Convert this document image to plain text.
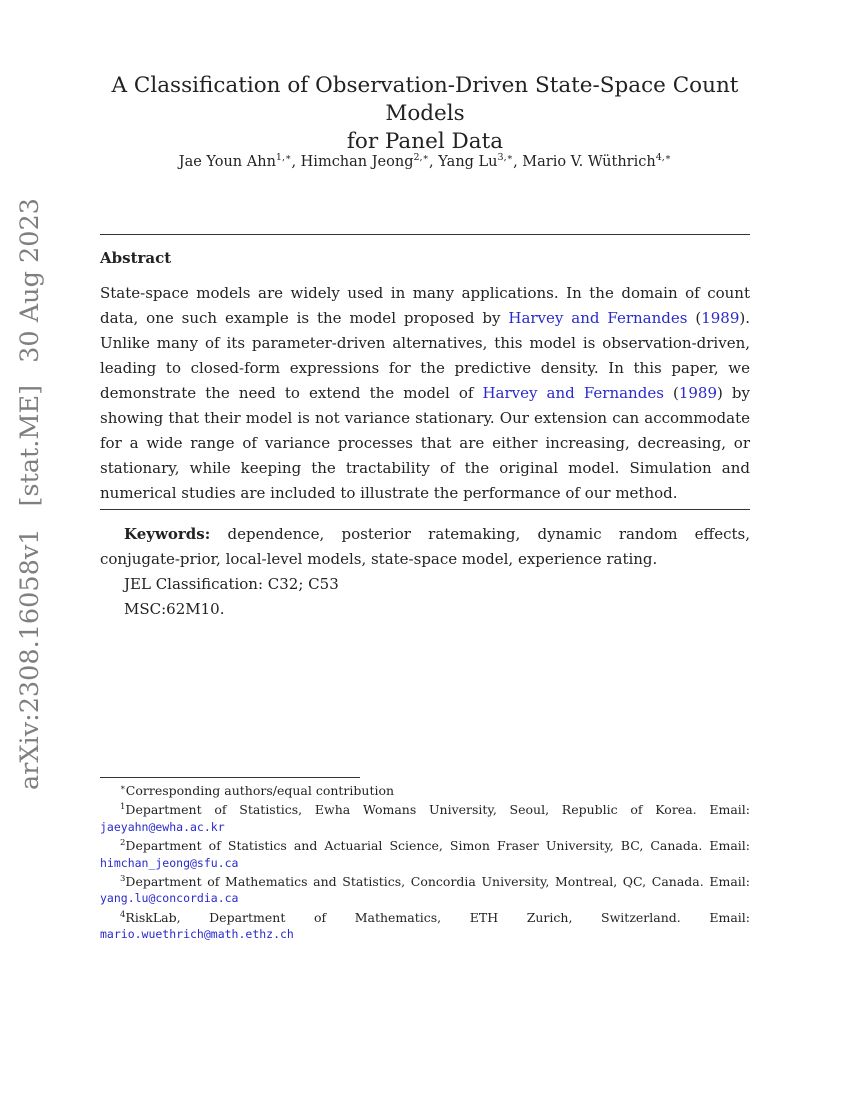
arXiv:2308.16058v1 [stat.ME] 30 Aug 2023
A Classification of Observation-Driven State-Space Count Models
for Panel Data
Jae Youn Ahn$^{1,∗}$, Himchan Jeong$^{2,∗}$, Yang $Lu^{3,∗}$, Mario V. Wüthrich$^{4,∗}$
Abstract

State-space models are widely used in many applications. In the domain of count data, one such example is the model proposed by Harvey and Fernandes (1989). Unlike many of its parameter-driven alternatives, this model is observation-driven, leading to closed-form expressions for the predictive density. In this paper, we demonstrate the need to extend the model of Harvey and Fernandes (1989) by showing that their model is not variance stationary. Our extension can accommodate for a wide range of variance processes that are either increasing, decreasing, or stationary, while keeping the tractability of the original model. Simulation and numerical studies are included to illustrate the performance of our method.

Keywords: dependence, posterior ratemaking, dynamic random effects, conjugate-prior, local-level models, state-space model, experience rating.

JEL Classification: C32; C53
MSC:62M10.

∗Corresponding authors/equal contribution

$^1$Department of Statistics, Ewha Womans University, Seoul, Republic of Korea. Email: jaeyahn@ewha.ac.kr

$^2$Department of Statistics and Actuarial Science, Simon Fraser University, BC, Canada. Email: himchan_jeong@sfu.ca

$^3$Department of Mathematics and Statistics, Concordia University, Montreal, QC, Canada. Email: yang.lu@concordia.ca

$^4$RiskLab, Department of Mathematics, ETH Zurich, Switzerland. Email: mario.wuethrich@math.ethz.ch
